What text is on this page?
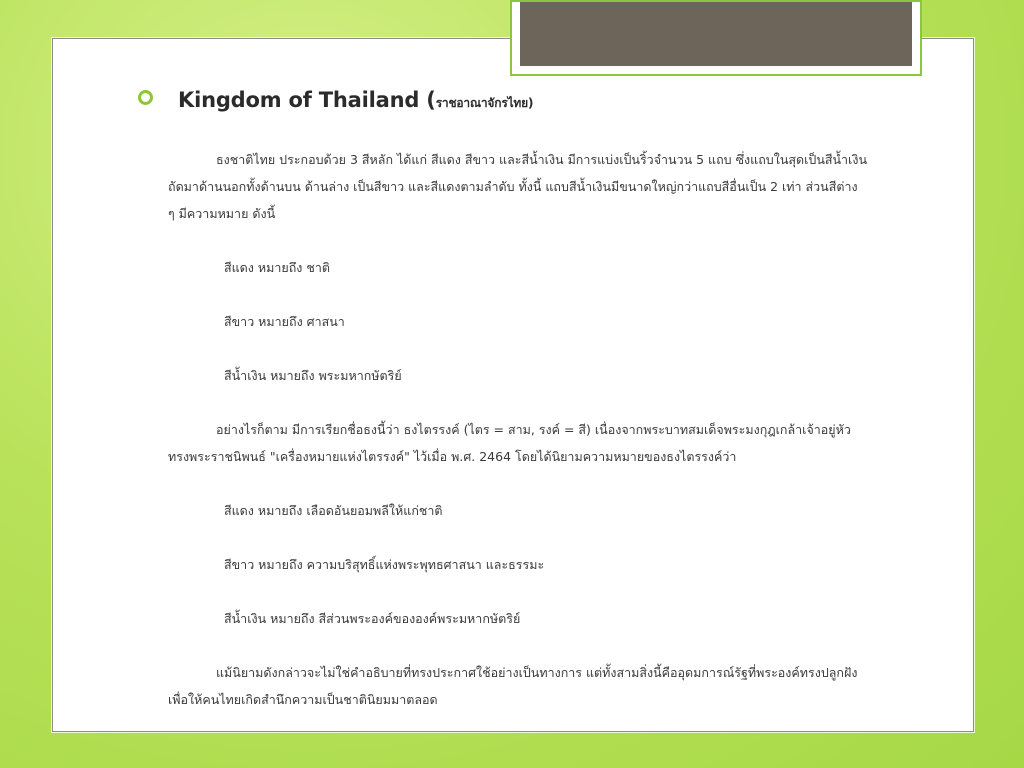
Kingdom of Thailand (ราชอาณาจักรไทย)

ธงชาติไทย ประกอบด้วย 3 สีหลัก ได้แก่ สีแดง สีขาว และสีน้ำเงิน มีการแบ่งเป็นริ้วจำนวน 5 แถบ ซึ่งแถบในสุดเป็นสีน้ำเงิน ถัดมาด้านนอกทั้งด้านบน ด้านล่าง เป็นสีขาว และสีแดงตามลำดับ ทั้งนี้ แถบสีน้ำเงินมีขนาดใหญ่กว่าแถบสีอื่นเป็น 2 เท่า ส่วนสีต่าง ๆ มีความหมาย ดังนี้

สีแดง หมายถึง ชาติ

สีขาว หมายถึง ศาสนา

สีน้ำเงิน หมายถึง พระมหากษัตริย์

อย่างไรก็ตาม มีการเรียกชื่อธงนี้ว่า ธงไตรรงค์ (ไตร = สาม, รงค์ = สี) เนื่องจากพระบาทสมเด็จพระมงกุฎเกล้าเจ้าอยู่หัว ทรงพระราชนิพนธ์ "เครื่องหมายแห่งไตรรงค์" ไว้เมื่อ พ.ศ. 2464 โดยได้นิยามความหมายของธงไตรรงค์ว่า

สีแดง หมายถึง เลือดอันยอมพลีให้แก่ชาติ

สีขาว หมายถึง ความบริสุทธิ์แห่งพระพุทธศาสนา และธรรมะ

สีน้ำเงิน หมายถึง สีส่วนพระองค์ขององค์พระมหากษัตริย์

แม้นิยามดังกล่าวจะไม่ใช่คำอธิบายที่ทรงประกาศใช้อย่างเป็นทางการ แต่ทั้งสามสิ่งนี้คืออุดมการณ์รัฐที่พระองค์ทรงปลูกฝัง เพื่อให้คนไทยเกิดสำนึกความเป็นชาตินิยมมาตลอด
